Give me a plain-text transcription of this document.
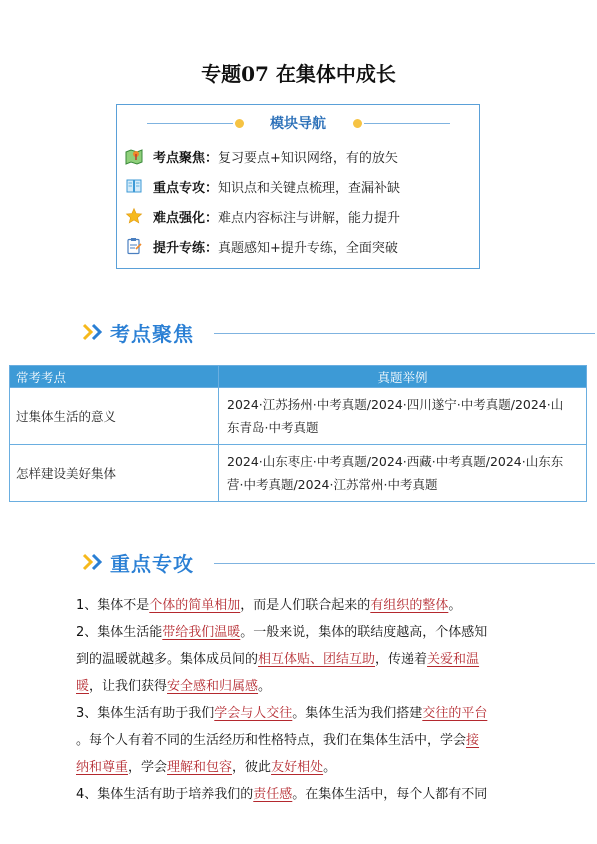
专题07 在集体中成长
模块导航
考点聚焦： 复习要点+知识网络，有的放矢
重点专攻： 知识点和关键点梳理，查漏补缺
难点强化： 难点内容标注与讲解，能力提升
提升专练： 真题感知+提升专练，全面突破
考点聚焦
常考考点	真题举例
过集体生活的意义	2024·江苏扬州·中考真题/2024·四川遂宁·中考真题/2024·山
东青岛·中考真题

怎样建设美好集体	2024·山东枣庄·中考真题/2024·西藏·中考真题/2024·山东东
营·中考真题/2024·江苏常州·中考真题
重点专攻
1、集体不是个体的简单相加，而是人们联合起来的有组织的整体。
2、集体生活能带给我们温暖。一般来说，集体的联结度越高，个体感知
到的温暖就越多。集体成员间的相互体贴、团结互助，传递着关爱和温
暖，让我们获得安全感和归属感。
3、集体生活有助于我们学会与人交往。集体生活为我们搭建交往的平台
。每个人有着不同的生活经历和性格特点，我们在集体生活中，学会接
纳和尊重，学会理解和包容，彼此友好相处。
4、集体生活有助于培养我们的责任感。在集体生活中，每个人都有不同
